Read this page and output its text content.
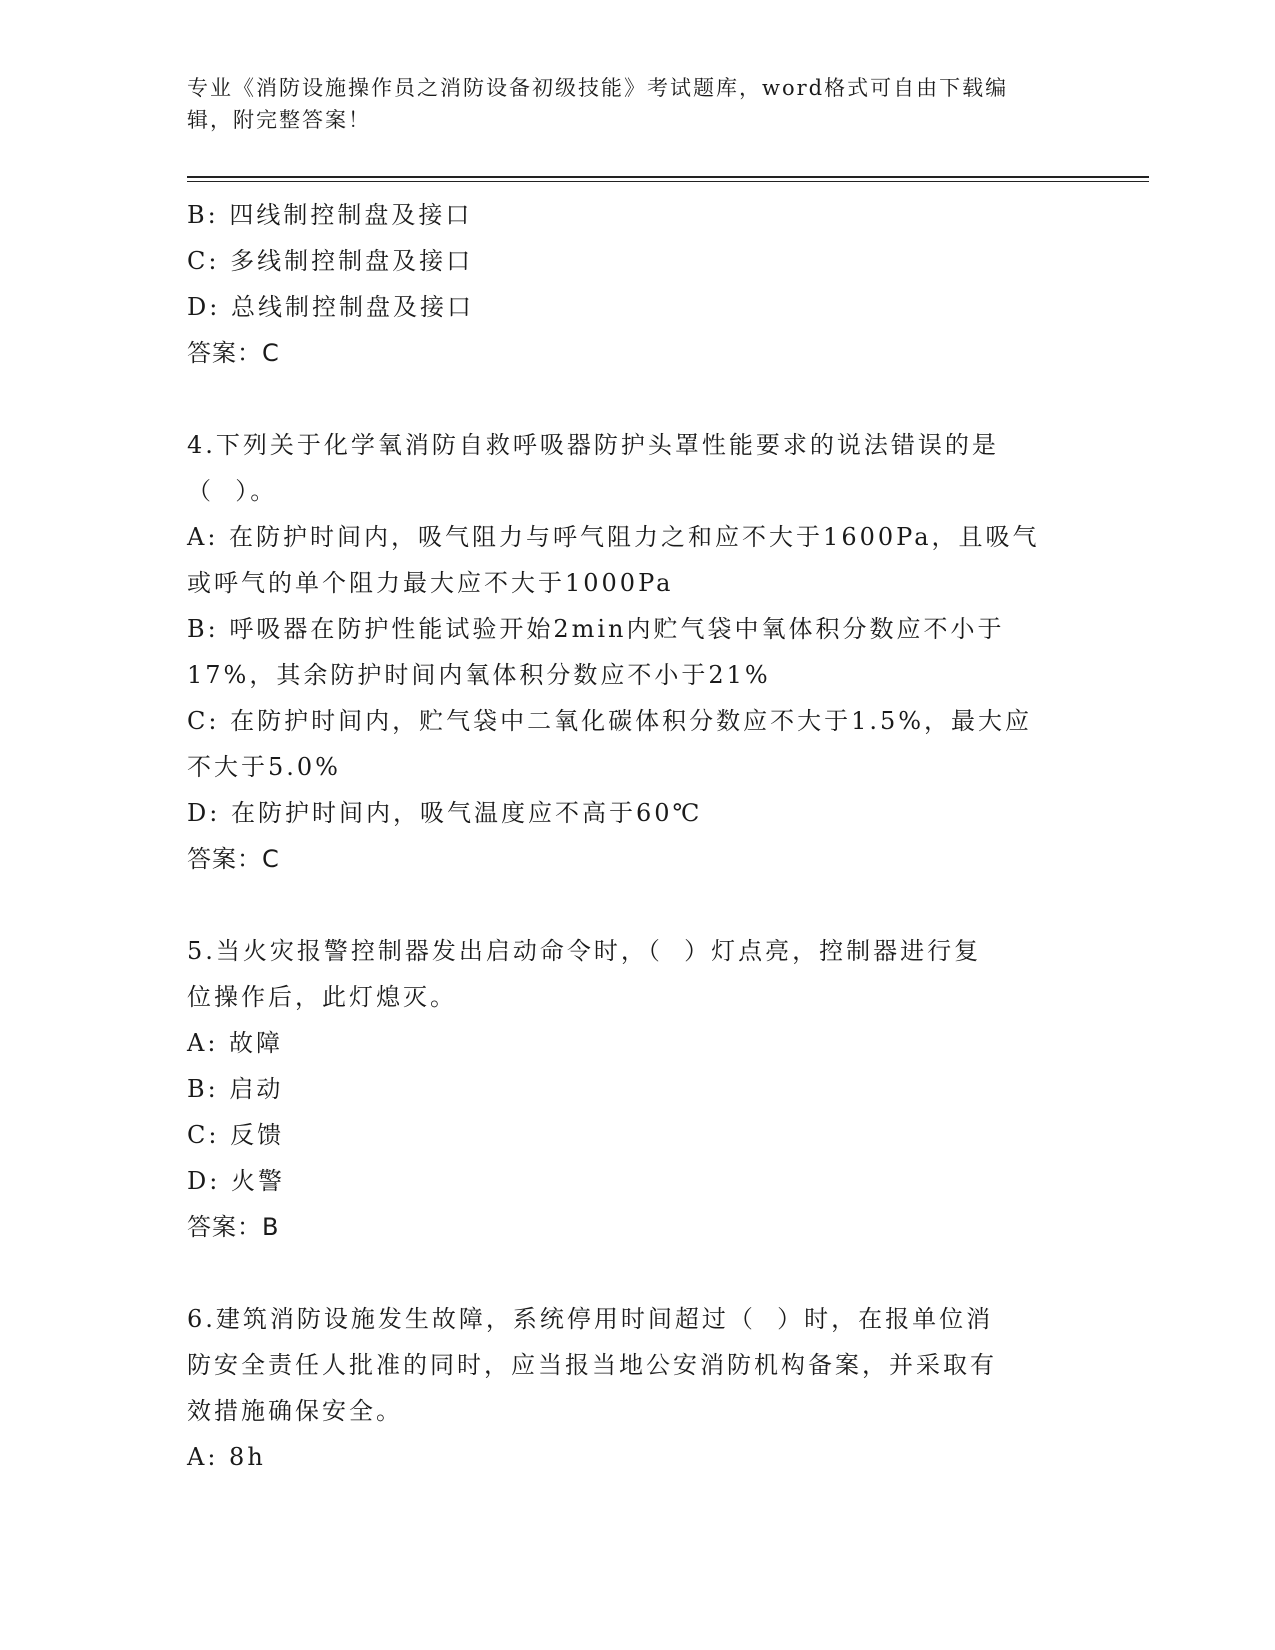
专业《消防设施操作员之消防设备初级技能》考试题库，word格式可自由下载编
辑，附完整答案！

B: 四线制控制盘及接口

C: 多线制控制盘及接口

D: 总线制控制盘及接口

答案：C

4.下列关于化学氧消防自救呼吸器防护头罩性能要求的说法错误的是

（  ）。

A: 在防护时间内，吸气阻力与呼气阻力之和应不大于1600Pa，且吸气

或呼气的单个阻力最大应不大于1000Pa

B: 呼吸器在防护性能试验开始2min内贮气袋中氧体积分数应不小于

17%，其余防护时间内氧体积分数应不小于21%

C: 在防护时间内，贮气袋中二氧化碳体积分数应不大于1.5%，最大应

不大于5.0%

D: 在防护时间内，吸气温度应不高于60℃

答案：C

5.当火灾报警控制器发出启动命令时，（  ）灯点亮，控制器进行复

位操作后，此灯熄灭。

A: 故障

B: 启动

C: 反馈

D: 火警

答案：B

6.建筑消防设施发生故障，系统停用时间超过（  ）时，在报单位消

防安全责任人批准的同时，应当报当地公安消防机构备案，并采取有

效措施确保安全。

A: 8h
